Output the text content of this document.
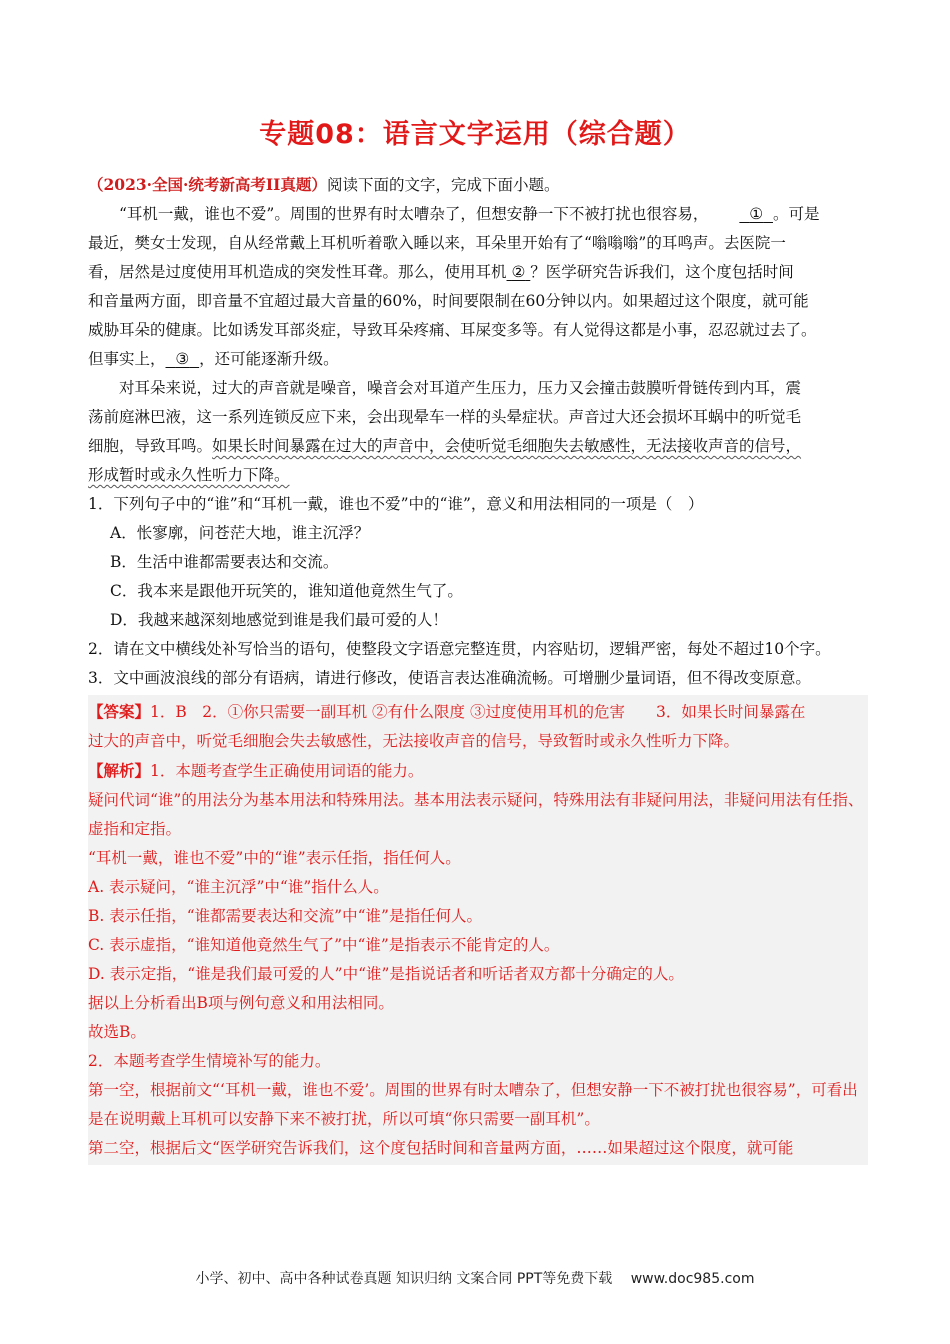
专题08：语言文字运用（综合题）

（2023·全国·统考新高考II真题）阅读下面的文字，完成下面小题。

“耳机一戴，谁也不爱”。周围的世界有时太嘈杂了，但想安静一下不被打扰也很容易，	① 。可是

最近，樊女士发现，自从经常戴上耳机听着歌入睡以来，耳朵里开始有了“嗡嗡嗡”的耳鸣声。去医院一

看，居然是过度使用耳机造成的突发性耳聋。那么，使用耳机 ② ？医学研究告诉我们，这个度包括时间

和音量两方面，即音量不宜超过最大音量的60%，时间要限制在60分钟以内。如果超过这个限度，就可能

威胁耳朵的健康。比如诱发耳部炎症，导致耳朵疼痛、耳屎变多等。有人觉得这都是小事，忍忍就过去了。

但事实上， ③ ，还可能逐渐升级。

对耳朵来说，过大的声音就是噪音，噪音会对耳道产生压力，压力又会撞击鼓膜听骨链传到内耳，震

荡前庭淋巴液，这一系列连锁反应下来，会出现晕车一样的头晕症状。声音过大还会损坏耳蜗中的听觉毛

细胞，导致耳鸣。如果长时间暴露在过大的声音中，会使听觉毛细胞失去敏感性，无法接收声音的信号，

形成暂时或永久性听力下降。

1．下列句子中的“谁”和“耳机一戴，谁也不爱”中的“谁”，意义和用法相同的一项是（　）

A．怅寥廓，问苍茫大地，谁主沉浮？

B．生活中谁都需要表达和交流。

C．我本来是跟他开玩笑的，谁知道他竟然生气了。

D．我越来越深刻地感觉到谁是我们最可爱的人！

2．请在文中横线处补写恰当的语句，使整段文字语意完整连贯，内容贴切，逻辑严密，每处不超过10个字。

3．文中画波浪线的部分有语病，请进行修改，使语言表达准确流畅。可增删少量词语，但不得改变原意。

【答案】1．B　2．①你只需要一副耳机 ②有什么限度 ③过度使用耳机的危害　　3．如果长时间暴露在

过大的声音中，听觉毛细胞会失去敏感性，无法接收声音的信号，导致暂时或永久性听力下降。

【解析】1．本题考查学生正确使用词语的能力。

疑问代词“谁”的用法分为基本用法和特殊用法。基本用法表示疑问，特殊用法有非疑问用法，非疑问用法有任指、虚指和定指。

“耳机一戴，谁也不爱”中的“谁”表示任指，指任何人。

A. 表示疑问，“谁主沉浮”中“谁”指什么人。

B. 表示任指，“谁都需要表达和交流”中“谁”是指任何人。

C. 表示虚指，“谁知道他竟然生气了”中“谁”是指表示不能肯定的人。

D. 表示定指，“谁是我们最可爱的人”中“谁”是指说话者和听话者双方都十分确定的人。

据以上分析看出B项与例句意义和用法相同。

故选B。

2．本题考查学生情境补写的能力。

第一空，根据前文“‘耳机一戴，谁也不爱’。周围的世界有时太嘈杂了，但想安静一下不被打扰也很容易”，可看出是在说明戴上耳机可以安静下来不被打扰，所以可填“你只需要一副耳机”。

第二空，根据后文“医学研究告诉我们，这个度包括时间和音量两方面，……如果超过这个限度，就可能

小学、初中、高中各种试卷真题 知识归纳 文案合同 PPT等免费下载　 www.doc985.com
